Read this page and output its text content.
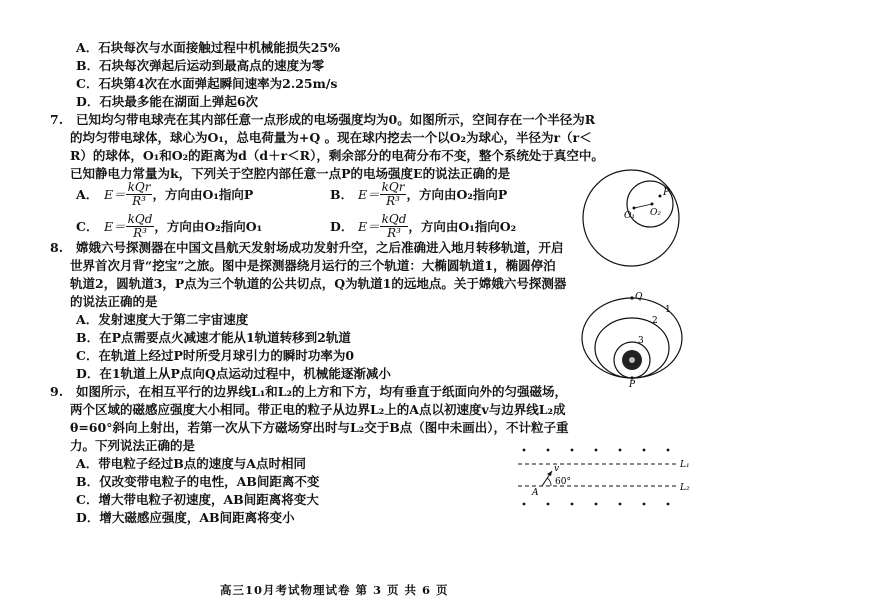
A．石块每次与水面接触过程中机械能损失25%
B．石块每次弹起后运动到最高点的速度为零
C．石块第4次在水面弹起瞬间速率为2.25m/s
D．石块最多能在湖面上弹起6次
7. 已知均匀带电球壳在其内部任意一点形成的电场强度均为0。如图所示，空间存在一个半径为R
的均匀带电球体，球心为O₁，总电荷量为+Q 。现在球内挖去一个以O₂为球心，半径为r（r＜
R）的球体，O₁和O₂的距离为d（d＋r＜R），剩余部分的电荷分布不变，整个系统处于真空中。
已知静电力常量为k，下列关于空腔内部任意一点P的电场强度E的说法正确的是
A． $E= \frac{\text{kQr}}{\text{R³}}$ ，方向由O₁指向P	B． $E= \frac{\text{kQr}}{\text{R³}}$ ，方向由O₂指向P
C． $E= \frac{\text{kQd}}{\text{R³}}$ ，方向由O₂指向O₁	D． $E= \frac{\text{kQd}}{\text{R³}}$ ，方向由O₁指向O₂
P
O₁ O₂
8. 嫦娥六号探测器在中国文昌航天发射场成功发射升空，之后准确进入地月转移轨道，开启
世界首次月背“挖宝”之旅。图中是探测器绕月运行的三个轨道：大椭圆轨道1，椭圆停泊
轨道2，圆轨道3，P点为三个轨道的公共切点，Q为轨道1的远地点。关于嫦娥六号探测器
的说法正确的是
A．发射速度大于第二宇宙速度
B．在P点需要点火减速才能从1轨道转移到2轨道
C．在轨道上经过P时所受月球引力的瞬时功率为0
D．在1轨道上从P点向Q点运动过程中，机械能逐渐减小
Q
P
1
2
3
9. 如图所示，在相互平行的边界线L₁和L₂的上方和下方，均有垂直于纸面向外的匀强磁场，
两个区域的磁感应强度大小相同。带正电的粒子从边界L₂上的A点以初速度v与边界线L₂成
θ=60°斜向上射出，若第一次从下方磁场穿出时与L₂交于B点（图中未画出），不计粒子重
力。下列说法正确的是
A．带电粒子经过B点的速度与A点时相同
B．仅改变带电粒子的电性，AB间距离不变
C．增大带电粒子初速度，AB间距离将变大
D．增大磁感应强度，AB间距离将变小
L₁
L₂
v
60°
A
高三10月考试物理试卷 第 3 页 共 6 页
